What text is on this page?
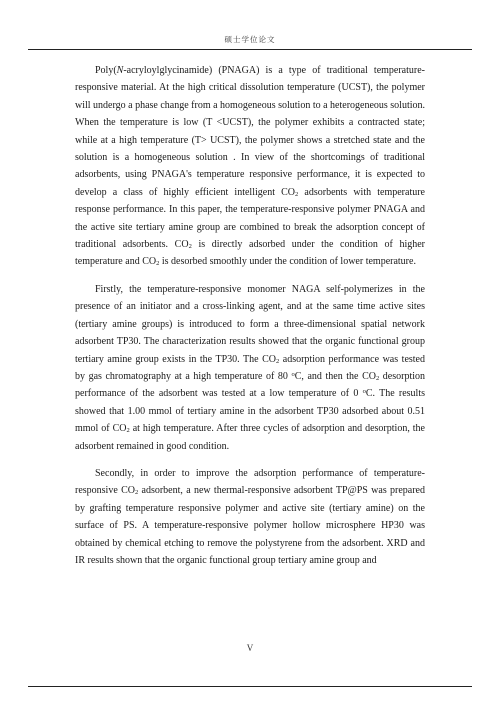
硕士学位论文

Poly(N-acryloylglycinamide) (PNAGA) is a type of traditional temperature-responsive material. At the high critical dissolution temperature (UCST), the polymer will undergo a phase change from a homogeneous solution to a heterogeneous solution. When the temperature is low (T <UCST), the polymer exhibits a contracted state; while at a high temperature (T> UCST), the polymer shows a stretched state and the solution is a homogeneous solution . In view of the shortcomings of traditional adsorbents, using PNAGA's temperature responsive performance, it is expected to develop a class of highly efficient intelligent $CO_2$ adsorbents with temperature response performance. In this paper, the temperature-responsive polymer PNAGA and the active site tertiary amine group are combined to break the adsorption concept of traditional adsorbents. $CO_2$ is directly adsorbed under the condition of higher temperature and $CO_2$ is desorbed smoothly under the condition of lower temperature.

Firstly, the temperature-responsive monomer NAGA self-polymerizes in the presence of an initiator and a cross-linking agent, and at the same time active sites (tertiary amine groups) is introduced to form a three-dimensional spatial network adsorbent TP30. The characterization results showed that the organic functional group tertiary amine group exists in the TP30. The $CO_2$ adsorption performance was tested by gas chromatography at a high temperature of 80 $^o$C, and then the $CO_2$ desorption performance of the adsorbent was tested at a low temperature of 0 $^o$C. The results showed that 1.00 mmol of tertiary amine in the adsorbent TP30 adsorbed about 0.51 mmol of $CO_2$ at high temperature. After three cycles of adsorption and desorption, the adsorbent remained in good condition.

Secondly, in order to improve the adsorption performance of temperature-responsive $CO_2$ adsorbent, a new thermal-responsive adsorbent TP@PS was prepared by grafting temperature responsive polymer and active site (tertiary amine) on the surface of PS. A temperature-responsive polymer hollow microsphere HP30 was obtained by chemical etching to remove the polystyrene from the adsorbent. XRD and IR results shown that the organic functional group tertiary amine group and

V
